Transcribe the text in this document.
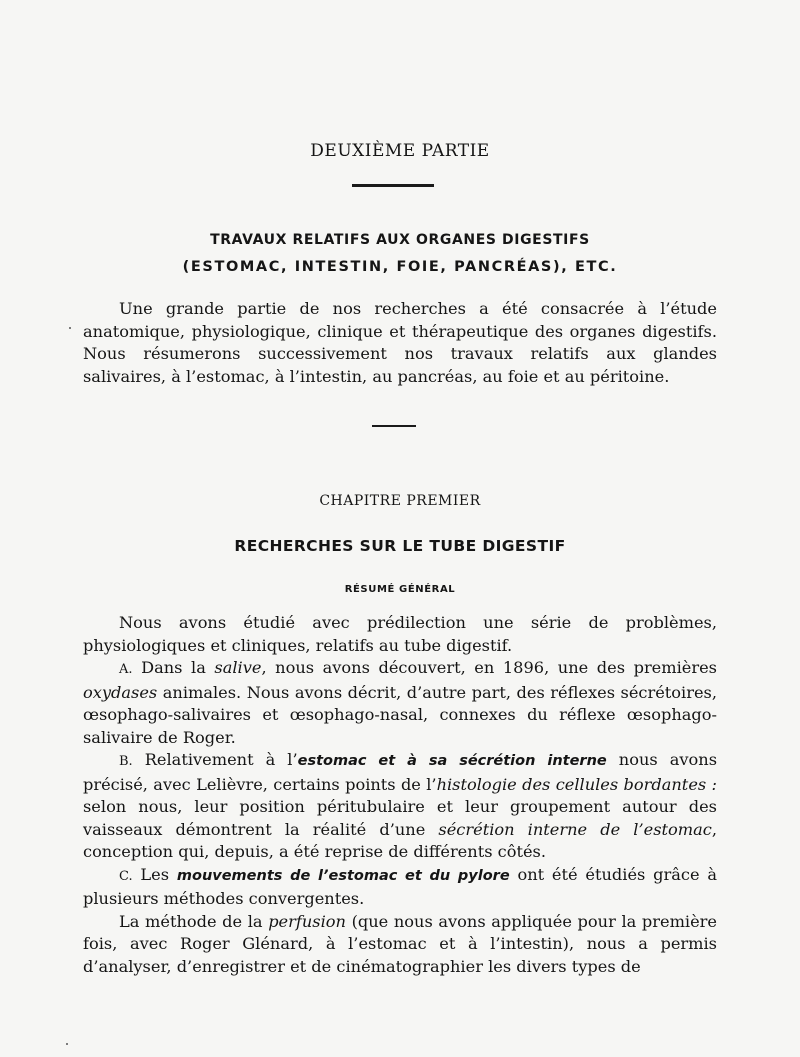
DEUXIÈME PARTIE
TRAVAUX RELATIFS AUX ORGANES DIGESTIFS
(ESTOMAC, INTESTIN, FOIE, PANCRÉAS), ETC.
Une grande partie de nos recherches a été consacrée à l’étude anatomique, physiologique, clinique et thérapeutique des organes digestifs. Nous résumerons successivement nos travaux relatifs aux glandes salivaires, à l’estomac, à l’intestin, au pancréas, au foie et au péritoine.
CHAPITRE PREMIER
RECHERCHES SUR LE TUBE DIGESTIF
RÉSUMÉ GÉNÉRAL

Nous avons étudié avec prédilection une série de problèmes, physiologiques et cliniques, relatifs au tube digestif.

A. Dans la salive, nous avons découvert, en 1896, une des premières oxydases animales. Nous avons décrit, d’autre part, des réflexes sécrétoires, œsophago-salivaires et œsophago-nasal, connexes du réflexe œsophago-salivaire de Roger.

B. Relativement à l’estomac et à sa sécrétion interne nous avons précisé, avec Lelièvre, certains points de l’histologie des cellules bordantes : selon nous, leur position péritubulaire et leur groupement autour des vaisseaux démontrent la réalité d’une sécrétion interne de l’estomac, conception qui, depuis, a été reprise de différents côtés.

C. Les mouvements de l’estomac et du pylore ont été étudiés grâce à plusieurs méthodes convergentes.

La méthode de la perfusion (que nous avons appliquée pour la première fois, avec Roger Glénard, à l’estomac et à l’intestin), nous a permis d’analyser, d’enregistrer et de cinématographier les divers types de
